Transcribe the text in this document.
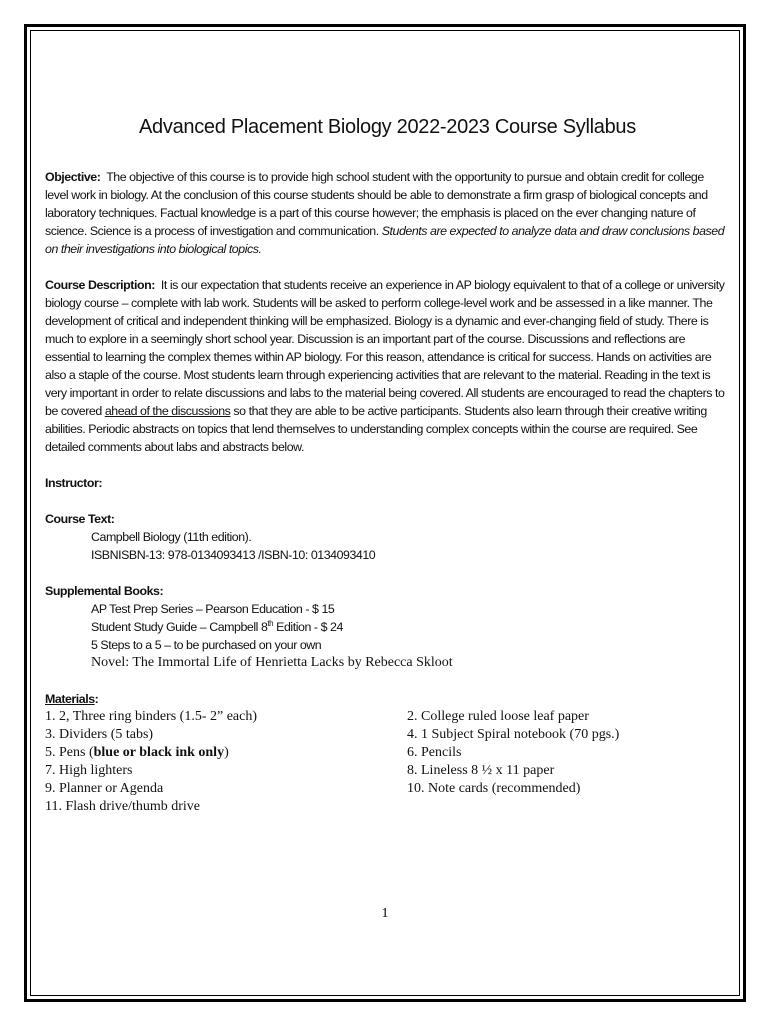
Advanced Placement Biology 2022-2023 Course Syllabus

Objective: The objective of this course is to provide high school student with the opportunity to pursue and obtain credit for college level work in biology. At the conclusion of this course students should be able to demonstrate a firm grasp of biological concepts and laboratory techniques. Factual knowledge is a part of this course however; the emphasis is placed on the ever changing nature of science. Science is a process of investigation and communication. Students are expected to analyze data and draw conclusions based on their investigations into biological topics.

Course Description: It is our expectation that students receive an experience in AP biology equivalent to that of a college or university biology course – complete with lab work. Students will be asked to perform college-level work and be assessed in a like manner. The development of critical and independent thinking will be emphasized. Biology is a dynamic and ever-changing field of study. There is much to explore in a seemingly short school year. Discussion is an important part of the course. Discussions and reflections are essential to learning the complex themes within AP biology. For this reason, attendance is critical for success. Hands on activities are also a staple of the course. Most students learn through experiencing activities that are relevant to the material. Reading in the text is very important in order to relate discussions and labs to the material being covered. All students are encouraged to read the chapters to be covered ahead of the discussions so that they are able to be active participants. Students also learn through their creative writing abilities. Periodic abstracts on topics that lend themselves to understanding complex concepts within the course are required. See detailed comments about labs and abstracts below.

Instructor:

Course Text:

Campbell Biology (11th edition).

ISBNISBN-13: 978-0134093413 /ISBN-10: 0134093410

Supplemental Books:

AP Test Prep Series – Pearson Education - $ 15

Student Study Guide – Campbell 8th Edition - $ 24

5 Steps to a 5 – to be purchased on your own

Novel: The Immortal Life of Henrietta Lacks by Rebecca Skloot

Materials:

1. 2, Three ring binders (1.5- 2” each)	2. College ruled loose leaf paper
3. Dividers (5 tabs)	4. 1 Subject Spiral notebook (70 pgs.)
5. Pens (blue or black ink only)	6. Pencils
7. High lighters	8. Lineless 8 ½ x 11 paper
9. Planner or Agenda	10. Note cards (recommended)
11. Flash drive/thumb drive
1
